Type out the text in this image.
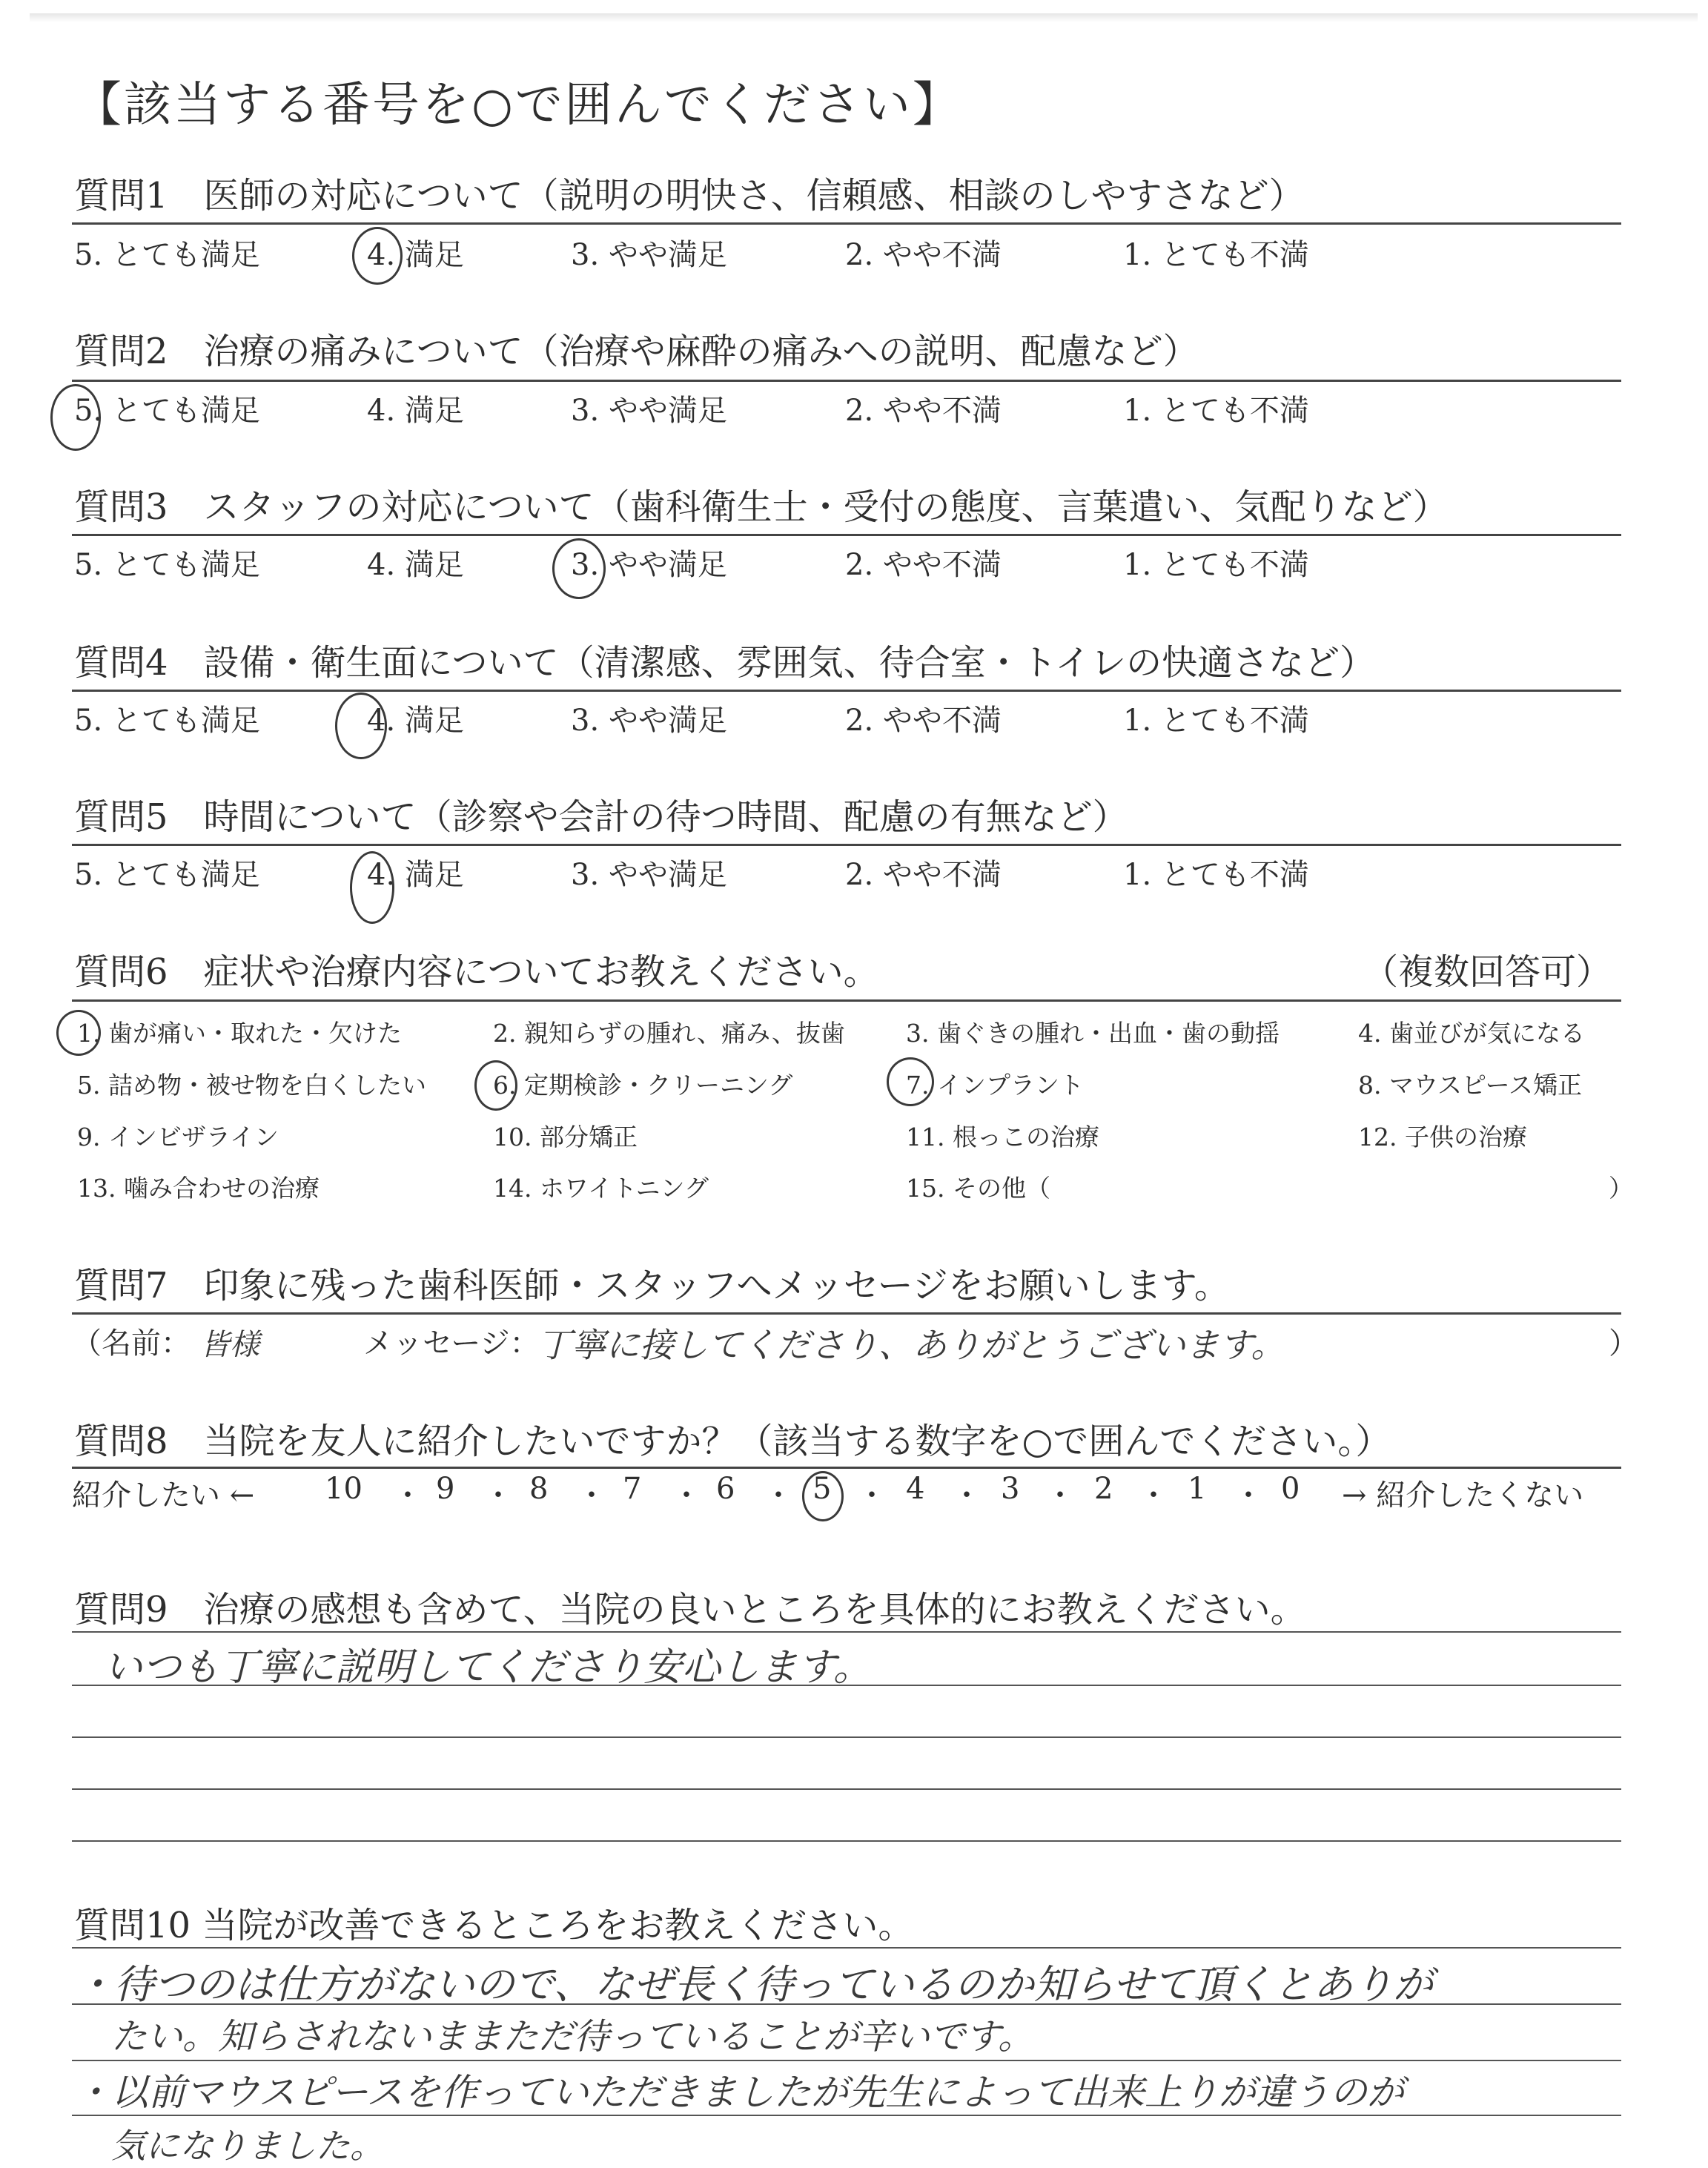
【該当する番号を○で囲んでください】
質問1　医師の対応について（説明の明快さ、信頼感、相談のしやすさなど）
5. とても満足	4. 満足	3. やや満足	2. やや不満	1. とても不満
質問2　治療の痛みについて（治療や麻酔の痛みへの説明、配慮など）
5. とても満足	4. 満足	3. やや満足	2. やや不満	1. とても不満
質問3　スタッフの対応について（歯科衛生士・受付の態度、言葉遣い、気配りなど）
5. とても満足	4. 満足	3. やや満足	2. やや不満	1. とても不満
質問4　設備・衛生面について（清潔感、雰囲気、待合室・トイレの快適さなど）
5. とても満足	4. 満足	3. やや満足	2. やや不満	1. とても不満
質問5　時間について（診察や会計の待つ時間、配慮の有無など）
5. とても満足	4. 満足	3. やや満足	2. やや不満	1. とても不満
質問6　症状や治療内容についてお教えください。	（複数回答可）
1. 歯が痛い・取れた・欠けた	2. 親知らずの腫れ、痛み、抜歯 3. 歯ぐきの腫れ・出血・歯の動揺	4. 歯並びが気になる
5. 詰め物・被せ物を白くしたい	6. 定期検診・クリーニング	7. インプラント	8. マウスピース矯正
9. インビザライン	10. 部分矯正	11. 根っこの治療	12. 子供の治療
13. 噛み合わせの治療	14. ホワイトニング	15. その他（	）
質問7　印象に残った歯科医師・スタッフへメッセージをお願いします。
（名前： 皆様	メッセージ：
丁寧に接してくださり、ありがとうございます。	）
質問8　当院を友人に紹介したいですか？（該当する数字を○で囲んでください。）
紹介したい ← 10 ・ 9 ・ 8 ・ 7 ・ 6 ・ 5 ・ 4 ・ 3 ・ 2 ・ 1 ・ 0 → 紹介したくない
質問9　治療の感想も含めて、当院の良いところを具体的にお教えください。
いつも丁寧に説明してくださり安心します。
質問10 当院が改善できるところをお教えください。
・待つのは仕方がないので、なぜ長く待っているのか知らせて頂くとありが
たい。知らされないままただ待っていることが辛いです。
・以前マウスピースを作っていただきましたが先生によって出来上りが違うのが
気になりました。
